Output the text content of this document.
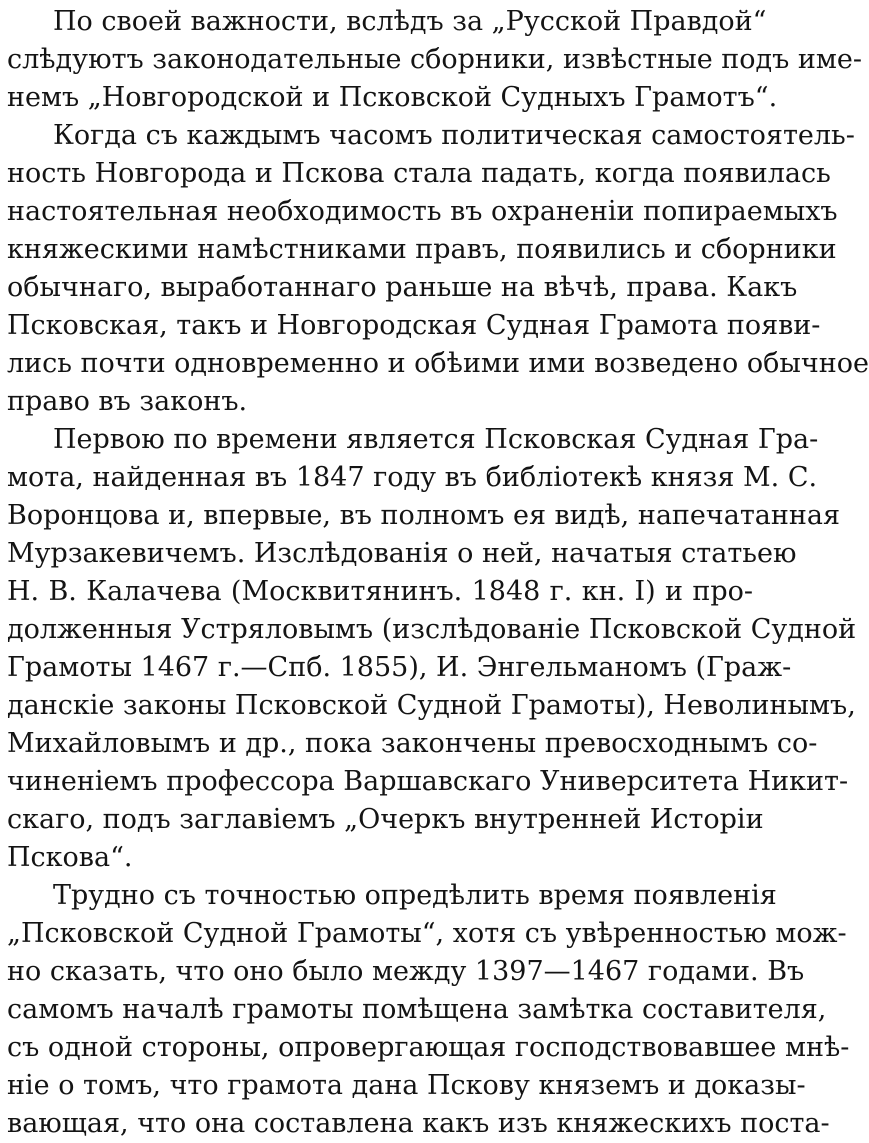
По своей важности, вслѣдъ за „Русской Правдой“
слѣдуютъ законодательные сборники, извѣстные подъ име-
немъ „Новгородской и Псковской Судныхъ Грамотъ“.
Когда съ каждымъ часомъ политическая самостоятель-
ность Новгорода и Пскова стала падать, когда появилась
настоятельная необходимость въ охраненіи попираемыхъ
княжескими намѣстниками правъ, появились и сборники
обычнаго, выработаннаго раньше на вѣчѣ, права. Какъ
Псковская, такъ и Новгородская Судная Грамота появи-
лись почти одновременно и обѣими ими возведено обычное
право въ законъ.
Первою по времени является Псковская Судная Гра-
мота, найденная въ 1847 году въ библіотекѣ князя М. С.
Воронцова и, впервые, въ полномъ ея видѣ, напечатанная
Мурзакевичемъ. Изслѣдованія о ней, начатыя статьею
Н. В. Калачева (Москвитянинъ. 1848 г. кн. I) и про-
долженныя Устряловымъ (изслѣдованіе Псковской Судной
Грамоты 1467 г.—Спб. 1855), И. Энгельманомъ (Граж-
данскіе законы Псковской Судной Грамоты), Неволинымъ,
Михайловымъ и др., пока закончены превосходнымъ со-
чиненіемъ профессора Варшавскаго Университета Никит-
скаго, подъ заглавіемъ „Очеркъ внутренней Исторіи
Пскова“.
Трудно съ точностью опредѣлить время появленія
„Псковской Судной Грамоты“, хотя съ увѣренностью мож-
но сказать, что оно было между 1397—1467 годами. Въ
самомъ началѣ грамоты помѣщена замѣтка составителя,
съ одной стороны, опровергающая господствовавшее мнѣ-
ніе о томъ, что грамота дана Пскову княземъ и доказы-
вающая, что она составлена какъ изъ княжескихъ поста-
